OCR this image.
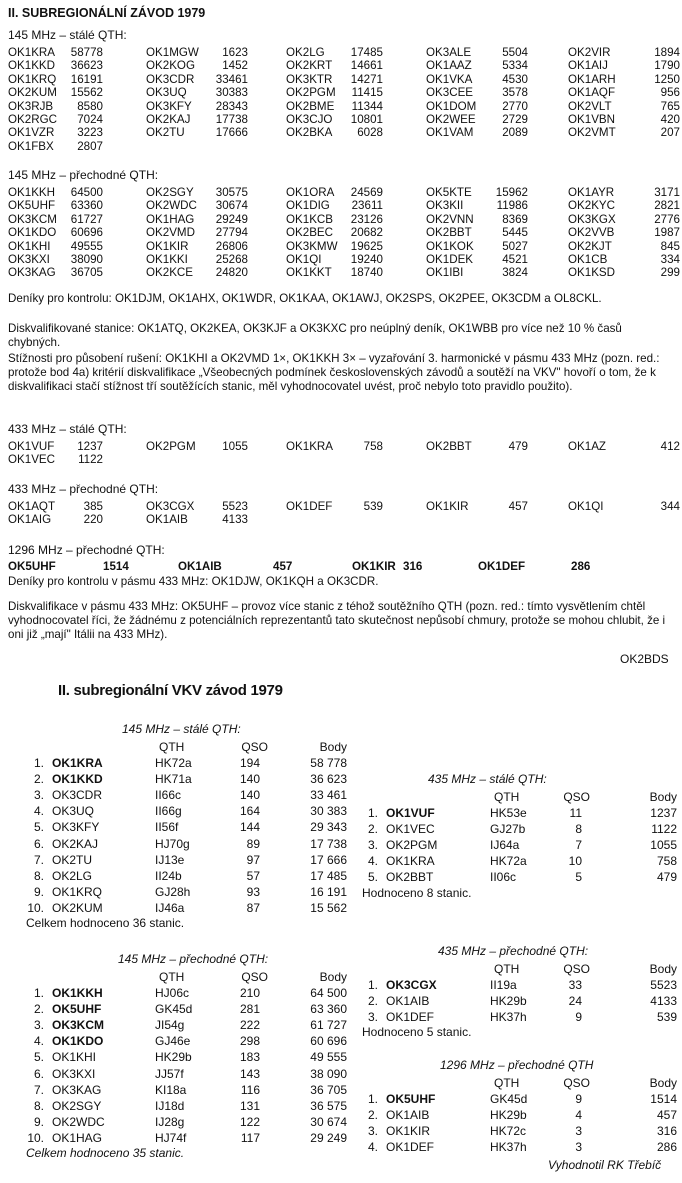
II. SUBREGIONÁLNÍ ZÁVOD 1979
145 MHz – stálé QTH:
OK1KRA 58778	OK1MGW 1623	OK2LG 17485	OK3ALE	5504	OK2VIR	1894
OK1KKD 36623	OK2KOG 1452	OK2KRT 14661	OK1AAZ	5334	OK1AIJ	1790
OK1KRQ 16191	OK3CDR 33461	OK3KTR 14271	OK1VKA	4530	OK1ARH	1250
OK2KUM 15562	OK3UQ	30383	OK2PGM 11415	OK3CEE	3578	OK1AQF	956
OK3RJB 8580	OK3KFY 28343	OK2BME 11344	OK1DOM 2770	OK2VLT	765
OK2RGC 7024	OK2KAJ 17738	OK3CJO 10801	OK2WEE 2729	OK1VBN	420
OK1VZR 3223	OK2TU	17666	OK2BKA 6028	OK1VAM 2089	OK2VMT	207
OK1FBX 2807
145 MHz – přechodné QTH:
OK1KKH 64500	OK2SGY 30575	OK1ORA 24569	OK5KTE 15962	OK1AYR	3171
OK5UHF 63360	OK2WDC 30674	OK1DIG 23611	OK3KII	11986	OK2KYC	2821
OK3KCM 61727	OK1HAG 29249	OK1KCB 23126	OK2VNN 8369	OK3KGX	2776
OK1KDO 60696	OK2VMD 27794	OK2BEC 20682	OK2BBT	5445	OK2VVB	1987
OK1KHI 49555	OK1KIR 26806	OK3KMW 19625	OK1KOK 5027	OK2KJT	845
OK3KXI 38090	OK1KKI 25268	OK1QI	19240	OK1DEK	4521	OK1CB	334
OK3KAG 36705	OK2KCE 24820	OK1KKT 18740	OK1IBI	3824	OK1KSD	299
Deníky pro kontrolu: OK1DJM, OK1AHX, OK1WDR, OK1KAA, OK1AWJ, OK2SPS, OK2PEE, OK3CDM a OL8CKL.
Diskvalifikované stanice: OK1ATQ, OK2KEA, OK3KJF a OK3KXC pro neúplný deník, OK1WBB pro více než 10 % časů chybných.
Stížnosti pro působení rušení: OK1KHI a OK2VMD 1×, OK1KKH 3× – vyzařování 3. harmonické v pásmu 433 MHz (pozn. red.: protože bod 4a) kritérií diskvalifikace „Všeobecných podmínek československých závodů a soutěží na VKV" hovoří o tom, že k diskvalifikaci stačí stížnost tří soutěžících stanic, měl vyhodnocovatel uvést, proč nebylo toto pravidlo použito).
433 MHz – stálé QTH:
OK1VUF 1237	OK2PGM 1055	OK1KRA	758	OK2BBT	479	OK1AZ	412
OK1VEC 1122
433 MHz – přechodné QTH:
OK1AQT 385	OK3CGX 5523	OK1DEF	539	OK1KIR	457	OK1QI	344
OK1AIG	220	OK1AIB	4133
1296 MHz – přechodné QTH:
OK5UHF	1514	OK1AIB	457	OK1KIR 316	OK1DEF	286
Deníky pro kontrolu v pásmu 433 MHz: OK1DJW, OK1KQH a OK3CDR.
Diskvalifikace v pásmu 433 MHz: OK5UHF – provoz více stanic z téhož soutěžního QTH (pozn. red.: tímto vysvětlením chtěl vyhodnocovatel říci, že žádnému z potenciálních reprezentantů tato skutečnost nepůsobí chmury, protože se mohou chlubit, že i oni již „mají" Itálii na 433 MHz).
OK2BDS
II. subregionální VKV závod 1979
145 MHz – stálé QTH:
QTH	QSO	Body
1. OK1KRA	HK72a	194	58 778
2. OK1KKD	HK71a	140	36 623
3. OK3CDR	II66c	140	33 461
4. OK3UQ	II66g	164	30 383
5. OK3KFY	II56f	144	29 343
6. OK2KAJ	HJ70g	89	17 738
7. OK2TU	IJ13e	97	17 666
8. OK2LG	II24b	57	17 485
9. OK1KRQ	GJ28h	93	16 191
10. OK2KUM	IJ46a	87	15 562
Celkem hodnoceno 36 stanic.
145 MHz – přechodné QTH:
QTH	QSO	Body
1. OK1KKH	HJ06c	210	64 500
2. OK5UHF	GK45d	281	63 360
3. OK3KCM	JI54g	222	61 727
4. OK1KDO	GJ46e	298	60 696
5. OK1KHI	HK29b	183	49 555
6. OK3KXI	JJ57f	143	38 090
7. OK3KAG	KI18a	116	36 705
8. OK2SGY	IJ18d	131	36 575
9. OK2WDC	IJ28g	122	30 674
10. OK1HAG	HJ74f	117	29 249
Celkem hodnoceno 35 stanic.
435 MHz – stálé QTH:
QTH	QSO	Body
1. OK1VUF	HK53e	11	1237
2. OK1VEC	GJ27b	8	1122
3. OK2PGM	IJ64a	7	1055
4. OK1KRA	HK72a	10	758
5. OK2BBT	II06c	5	479
Hodnoceno 8 stanic.
435 MHz – přechodné QTH:
QTH	QSO	Body
1. OK3CGX	II19a	33	5523
2. OK1AIB	HK29b	24	4133
3. OK1DEF	HK37h	9	539
Hodnoceno 5 stanic.
1296 MHz – přechodné QTH
QTH	QSO	Body
1. OK5UHF	GK45d	9	1514
2. OK1AIB	HK29b	4	457
3. OK1KIR	HK72c	3	316
4. OK1DEF	HK37h	3	286
Vyhodnotil RK Třebíč
